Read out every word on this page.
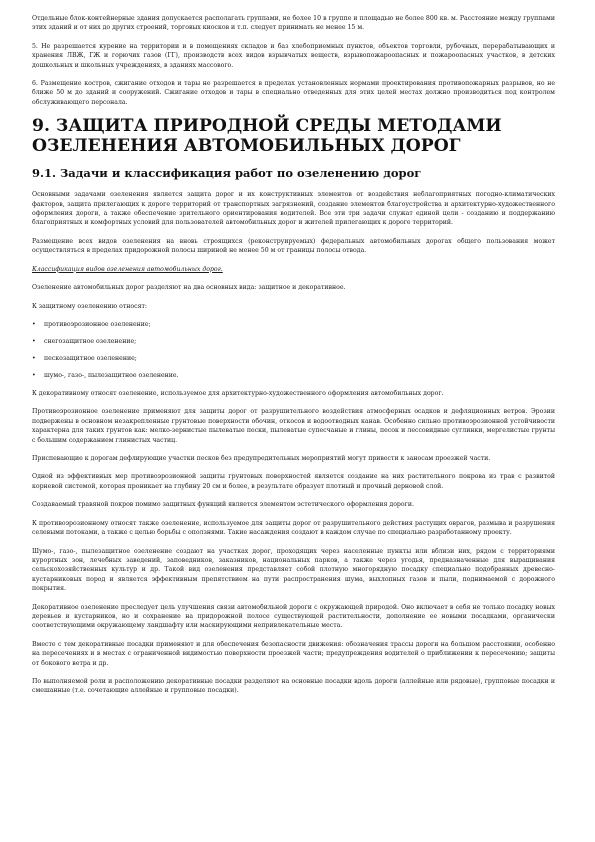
Отдельные блок-контейнерные здания допускается располагать группами, не более 10 в группе и площадью не более 800 кв. м. Расстояние между группами этих зданий и от них до других строений, торговых киосков и т.п. следует принимать не менее 15 м.

5. Не разрешается курение на территории и в помещениях складов и баз хлебоприемных пунктов, объектов торговли, рубочных, перерабатывающих и хранения ЛВЖ, ГЖ и горючих газов (ГГ), производств всех видов взрывчатых веществ, взрывопожароопасных и пожароопасных участков, в детских дошкольных и школьных учреждениях, в зданиях массового.

6. Размещение костров, сжигание отходов и тары не разрешается в пределах установленных нормами проектирования противопожарных разрывов, но не ближе 50 м до зданий и сооружений. Сжигание отходов и тары в специально отведенных для этих целей местах должно производиться под контролем обслуживающего персонала.

9. ЗАЩИТА ПРИРОДНОЙ СРЕДЫ МЕТОДАМИ ОЗЕЛЕНЕНИЯ АВТОМОБИЛЬНЫХ ДОРОГ
9.1. Задачи и классификация работ по озеленению дорог

Основными задачами озеленения является защита дорог и их конструктивных элементов от воздействия неблагоприятных погодно-климатических факторов, защита прилегающих к дороге территорий от транспортных загрязнений, создание элементов благоустройства и архитектурно-художественного оформления дороги, а также обеспечение зрительного ориентирования водителей. Все эти три задачи служат единой цели - созданию и поддержанию благоприятных и комфортных условий для пользователей автомобильных дорог и жителей прилегающих к дороге территорий.

Размещение всех видов озеленения на вновь строящихся (реконструируемых) федеральных автомобильных дорогах общего пользования может осуществляться в пределах придорожной полосы шириной не менее 50 м от границы полосы отвода.

Классификация видов озеленения автомобильных дорог.

Озеленение автомобильных дорог разделяют на два основных вида: защитное и декоративное.

К защитному озеленению относят:

• противоэрозионное озеленение;
• снегозащитное озеленение;
• пескозащитное озеленение;
• шумо-, газо-, пылезащитное озеленение.

К декоративному относят озеленение, используемое для архитектурно-художественного оформления автомобильных дорог.

Противоэрозионное озеленение применяют для защиты дорог от разрушительного воздействия атмосферных осадков и дефляционных ветров. Эрозии подвержены в основном незакрепленные грунтовые поверхности обочин, откосов и водоотводных канав. Особенно сильно противоэрозионной устойчивости характерна для таких грунтов как: мелко-зернистые пылеватые пески, пылеватые супесчаные и глины, песок и лессовидные суглинки, мергелистые грунты с большим содержанием глинистых частиц.

Приспевающие к дорогам дефлирующие участки песков без предупредительных мероприятий могут привести к заносам проезжей части.

Одной из эффективных мер противоэрозионной защиты грунтовых поверхностей является создание на них растительного покрова из трав с развитой корневой системой, которая проникает на глубину 20 см и более, в результате образует плотный и прочный дерновой слой.

Создаваемый травяной покров помимо защитных функций является элементом эстетического оформления дороги.

К противоэрозионному относят также озеленение, используемое для защиты дорог от разрушительного действия растущих оврагов, размыва и разрушения селевыми потоками, а также с целью борьбы с оползнями. Такие насаждения создают в каждом случае по специально разработанному проекту.

Шумо-, газо-, пылезащитное озеленение создают на участках дорог, проходящих через населенные пункты или вблизи них, рядом с территориями курортных зон, лечебных заведений, заповедников, заказников, национальных парков, а также через угодья, предназначенные для выращивания сельскохозяйственных культур и др. Такой вид озеленения представляет собой плотную многорядную посадку специально подобранных древесно-кустарниковых пород и является эффективным препятствием на пути распространения шума, выхлопных газов и пыли, поднимаемой с дорожного покрытия.

Декоративное озеленение преследует цель улучшения связи автомобильной дороги с окружающей природой. Оно включает в себя не только посадку новых деревьев и кустарников, но и сохранение на придорожной полосе существующей растительности, дополнение ее новыми посадками, органически соответствующими окружающему ландшафту или маскирующими непривлекательные места.

Вместе с тем декоративные посадки применяют и для обеспечения безопасности движения: обозначения трассы дороги на большом расстоянии, особенно на пересечениях и в местах с ограниченной видимостью поверхности проезжей части; предупреждения водителей о приближении к пересечению; защиты от бокового ветра и др.

По выполняемой роли и расположению декоративные посадки разделяют на основные посадки вдоль дороги (аллейные или рядовые), групповые посадки и смешанные (т.е. сочетающие аллейные и групповые посадки).
